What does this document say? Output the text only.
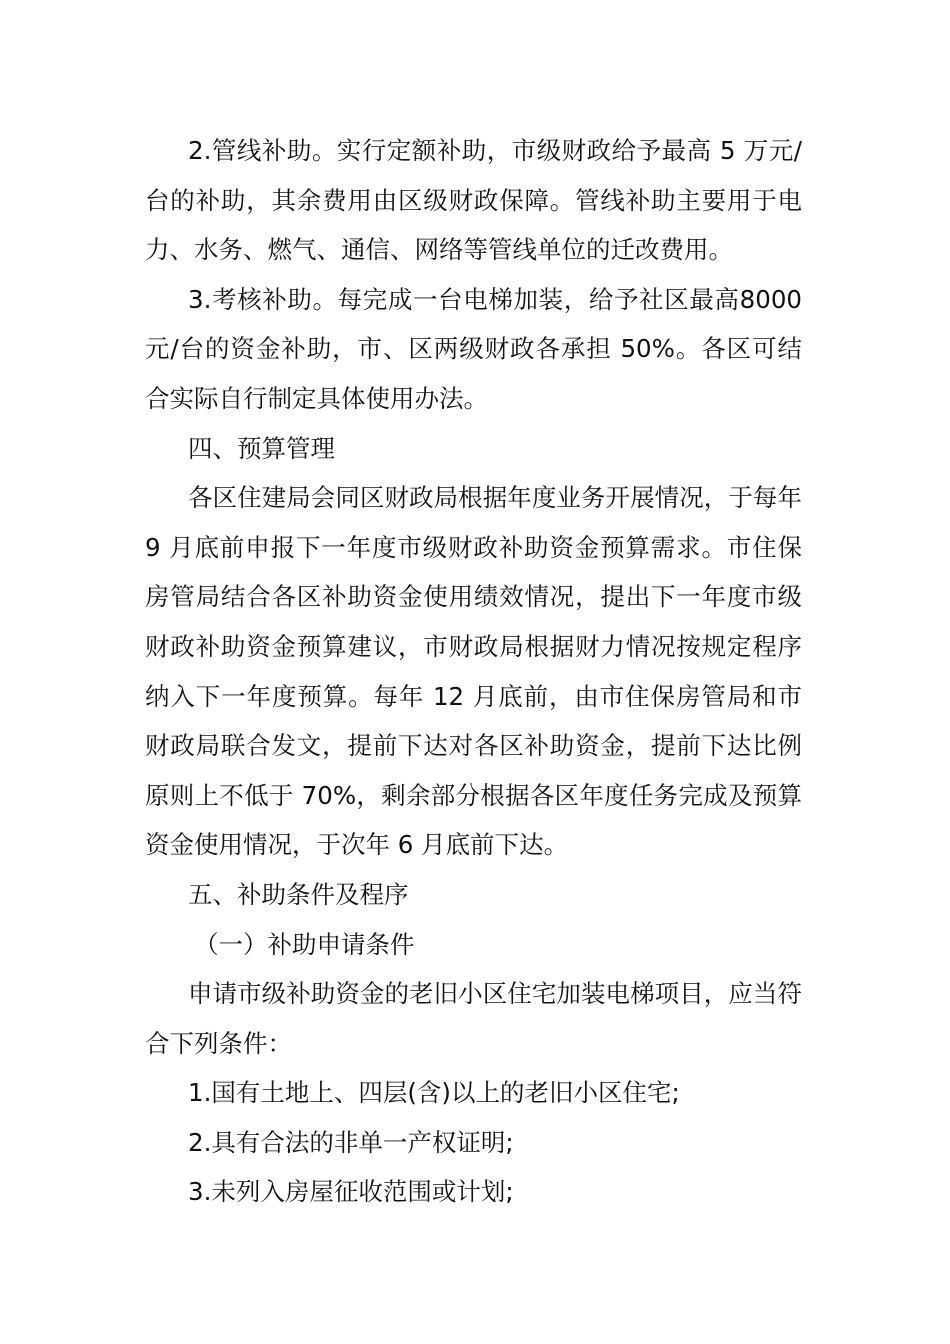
2.管线补助。实行定额补助，市级财政给予最高 5 万元/台的补助，其余费用由区级财政保障。管线补助主要用于电力、水务、燃气、通信、网络等管线单位的迁改费用。

3.考核补助。每完成一台电梯加装，给予社区最高8000 元/台的资金补助，市、区两级财政各承担 50%。各区可结合实际自行制定具体使用办法。

四、预算管理

各区住建局会同区财政局根据年度业务开展情况，于每年 9 月底前申报下一年度市级财政补助资金预算需求。市住保房管局结合各区补助资金使用绩效情况，提出下一年度市级财政补助资金预算建议，市财政局根据财力情况按规定程序纳入下一年度预算。每年 12 月底前，由市住保房管局和市财政局联合发文，提前下达对各区补助资金，提前下达比例原则上不低于 70%，剩余部分根据各区年度任务完成及预算资金使用情况，于次年 6 月底前下达。

五、补助条件及程序

（一）补助申请条件

申请市级补助资金的老旧小区住宅加装电梯项目，应当符合下列条件：

1.国有土地上、四层(含)以上的老旧小区住宅;

2.具有合法的非单一产权证明;

3.未列入房屋征收范围或计划;
